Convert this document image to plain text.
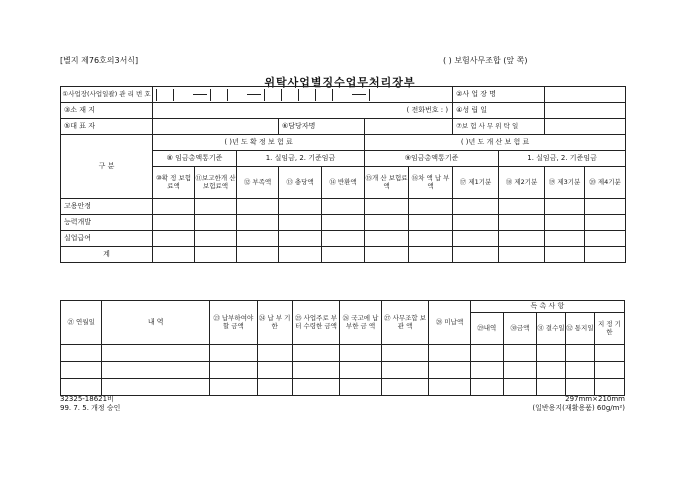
[별지 제76호의3서식]	( ) 보험사무조합 (앞 쪽)
위탁사업별징수업무처리장부
①사업장(사업일괄) 관 리 번 호								②사 업 장 명			
③소 재 지	( 전화번호 : )							④성 립 일			
⑤대 표 자				⑥담당자명				⑦보 험 사 무 위 탁 일			
구 분	( )년 도 확 정 보 험 료					( )년 도 개 산 보 험 료					
	⑧ 임금총액통기준		1. 실임금, 2. 기준임금			⑨임금총액통기준			1. 실임금, 2. 기준임금		
	⑩확 정 보험료액	⑪보고한개 산보험료액	⑫ 부족액	⑬ 충당액	⑭ 반환액	⑮개 산 보험료액	⑯차 액 납 부 액	⑰ 제1기분	⑱ 제2기분	⑲ 제3기분	⑳ 제4기분
고용안정											
능력개발											
실업급여											
계											
㉑ 연월일	내 역	㉓ 납부하여야 할 금액	㉔ 납 부 기 한	㉕ 사업주로 부터 수령한 금액	㉖ 국고에 납부한 금 액	㉗ 사무조합 보 관 액	㉘ 미납액	독 촉 사 항				
								㉙내역	㉚금액	㉛ 결수일	㉜ 통지일	지 정 기 한

32325-18621비
99. 7. 5. 개정 승인
297mm×210mm
(일반용지(재활용품) 60g/m²)
